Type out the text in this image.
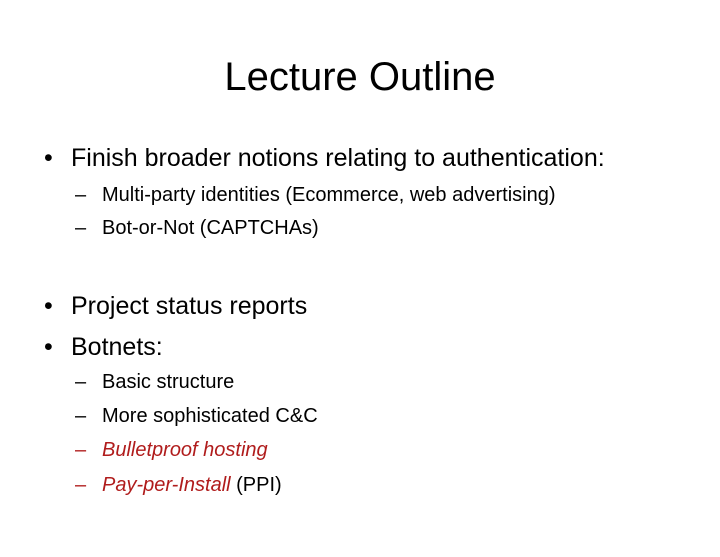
Lecture Outline
• Finish broader notions relating to authentication:
– Multi-party identities (Ecommerce, web advertising)
– Bot-or-Not (CAPTCHAs)
• Project status reports
• Botnets:
– Basic structure
– More sophisticated C&C
– Bulletproof hosting
– Pay-per-Install (PPI)
